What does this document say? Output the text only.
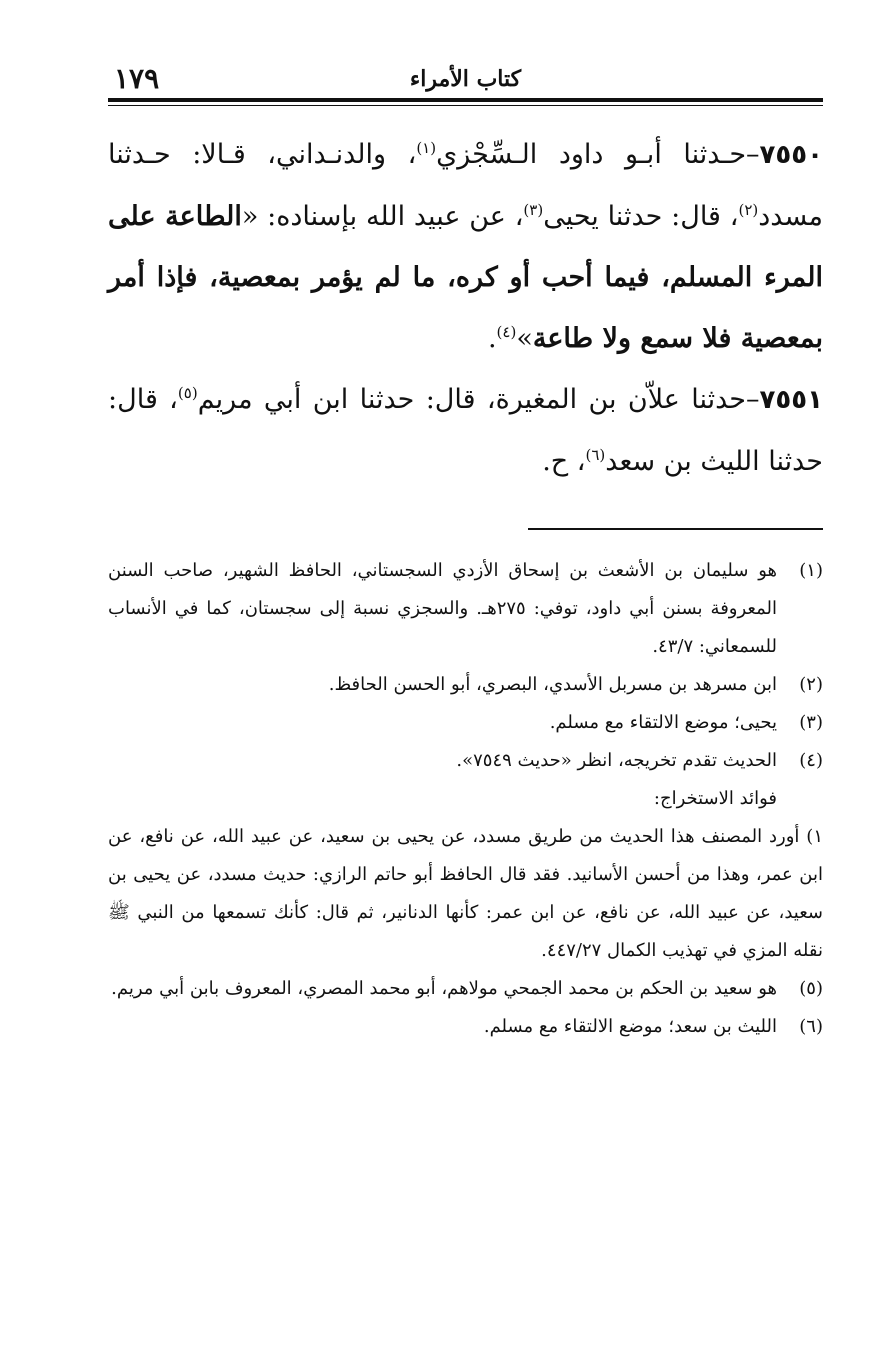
كتاب الأمراء
١٧٩

٧٥٥٠–حـدثنا أبـو داود الـسِّجْزي$^{(١)}$، والدنـداني، قـالا: حـدثنا مسدد$^{(٢)}$، قال: حدثنا يحيى$^{(٣)}$، عن عبيد الله بإسناده: «الطاعة على المرء المسلم، فيما أحب أو كره، ما لم يؤمر بمعصية، فإذا أمر بمعصية فلا سمع ولا طاعة»$^{(٤)}$.

٧٥٥١–حدثنا علاّن بن المغيرة، قال: حدثنا ابن أبي مريم$^{(٥)}$، قال: حدثنا الليث بن سعد$^{(٦)}$، ح.

(١)
هو سليمان بن الأشعث بن إسحاق الأزدي السجستاني، الحافظ الشهير، صاحب السنن المعروفة بسنن أبي داود، توفي: ٢٧٥هـ. والسجزي نسبة إلى سجستان، كما في الأنساب للسمعاني: ٤٣/٧.
(٢)
ابن مسرهد بن مسربل الأسدي، البصري، أبو الحسن الحافظ.
(٣)
يحيى؛ موضع الالتقاء مع مسلم.
(٤)
الحديث تقدم تخريجه، انظر «حديث ٧٥٤٩».
فوائد الاستخراج:
١) أورد المصنف هذا الحديث من طريق مسدد، عن يحيى بن سعيد، عن عبيد الله، عن نافع، عن ابن عمر، وهذا من أحسن الأسانيد. فقد قال الحافظ أبو حاتم الرازي: حديث مسدد، عن يحيى بن سعيد، عن عبيد الله، عن نافع، عن ابن عمر: كأنها الدنانير، ثم قال: كأنك تسمعها من النبي ﷺ نقله المزي في تهذيب الكمال ٤٤٧/٢٧.
(٥)
هو سعيد بن الحكم بن محمد الجمحي مولاهم، أبو محمد المصري، المعروف بابن أبي مريم.
(٦)
الليث بن سعد؛ موضع الالتقاء مع مسلم.
